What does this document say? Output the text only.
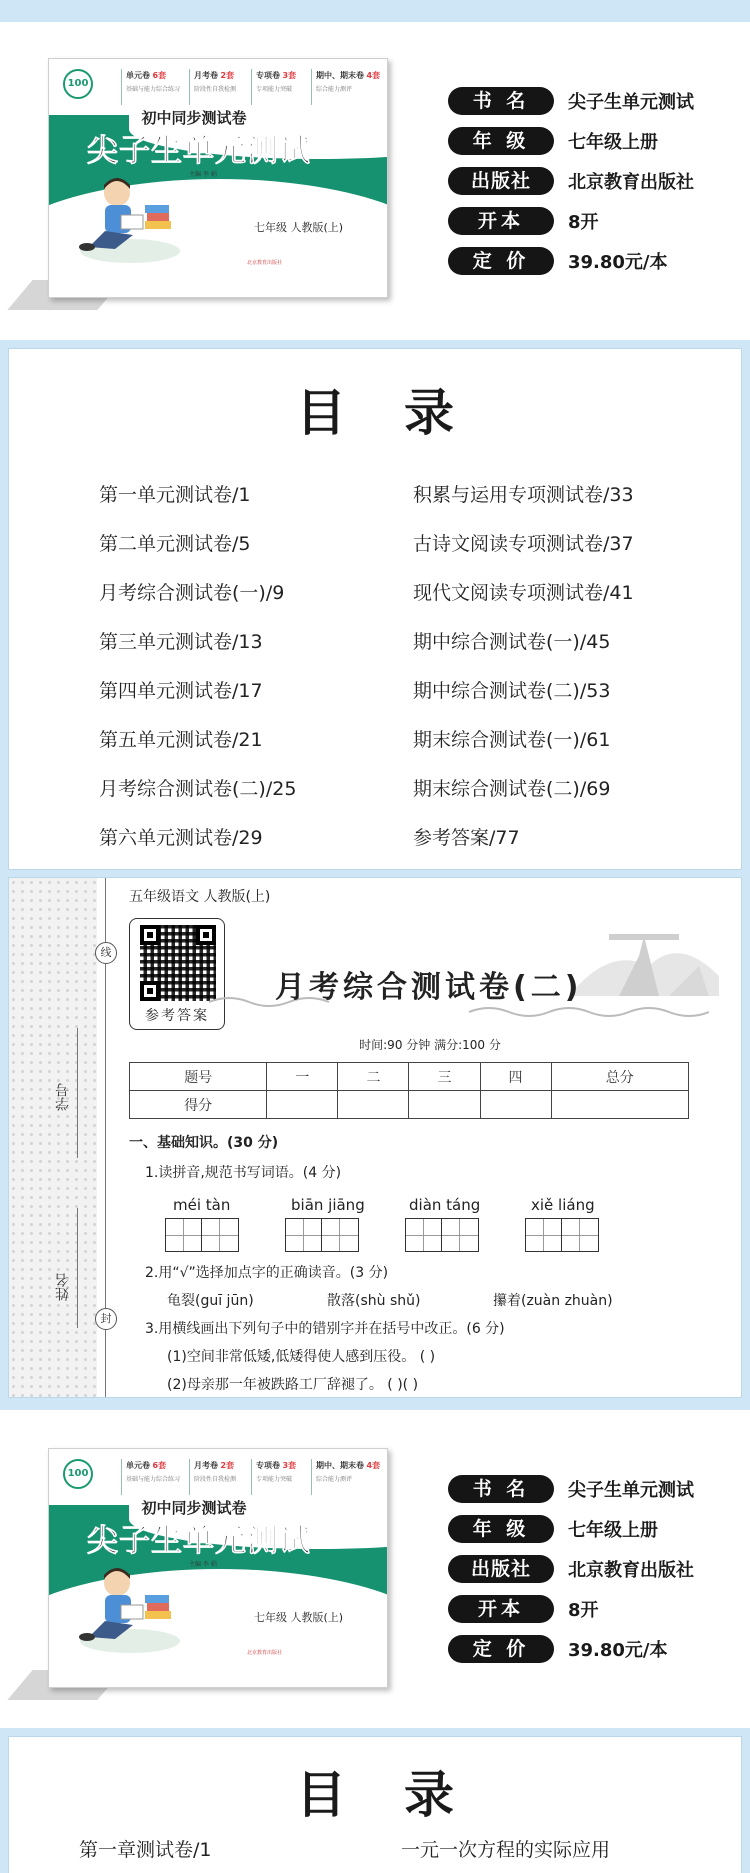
100
单元卷 6套
基础与能力综合练习
月考卷 2套
阶段性自我检测
专项卷 3套
专项能力突破
期中、期末卷 4套
综合能力测评
初中同步测试卷
尖子生单元测试
主编 李 娟
语文
七年级 人教版(上)
北京教育出版社
书 名	尖子生单元测试
年 级	七年级上册
出版社	北京教育出版社
开本	8开
定 价	39.80元/本
目录
第一单元测试卷/1
第二单元测试卷/5
月考综合测试卷(一)/9
第三单元测试卷/13
第四单元测试卷/17
第五单元测试卷/21
月考综合测试卷(二)/25
第六单元测试卷/29
积累与运用专项测试卷/33
古诗文阅读专项测试卷/37
现代文阅读专项测试卷/41
期中综合测试卷(一)/45
期中综合测试卷(二)/53
期末综合测试卷(一)/61
期末综合测试卷(二)/69
参考答案/77
线
封
学号
姓名
五年级语文 人教版(上)
参考答案
月考综合测试卷(二)
时间:90 分钟 满分:100 分
题号	一	二	三	四	总分
得分					
一、基础知识。(30 分)
1.读拼音,规范书写词语。(4 分)
méi tàn	biān jiāng	diàn táng	xiě liáng
2.用“√”选择加点字的正确读音。(3 分)
龟裂(guī jūn)	散落(shù shǔ)	攥着(zuàn zhuàn)
3.用横线画出下列句子中的错别字并在括号中改正。(6 分)
(1)空间非常低矮,低矮得使人感到压役。 ( )
(2)母亲那一年被跌路工厂辞褪了。 ( )( )
100
单元卷 6套
基础与能力综合练习
月考卷 2套
阶段性自我检测
专项卷 3套
专项能力突破
期中、期末卷 4套
综合能力测评
初中同步测试卷
尖子生单元测试
主编 李 娟
数学
七年级 人教版(上)
北京教育出版社
书 名	尖子生单元测试
年 级	七年级上册
出版社	北京教育出版社
开本	8开
定 价	39.80元/本
目录
第一章测试卷/1	一元一次方程的实际应用
